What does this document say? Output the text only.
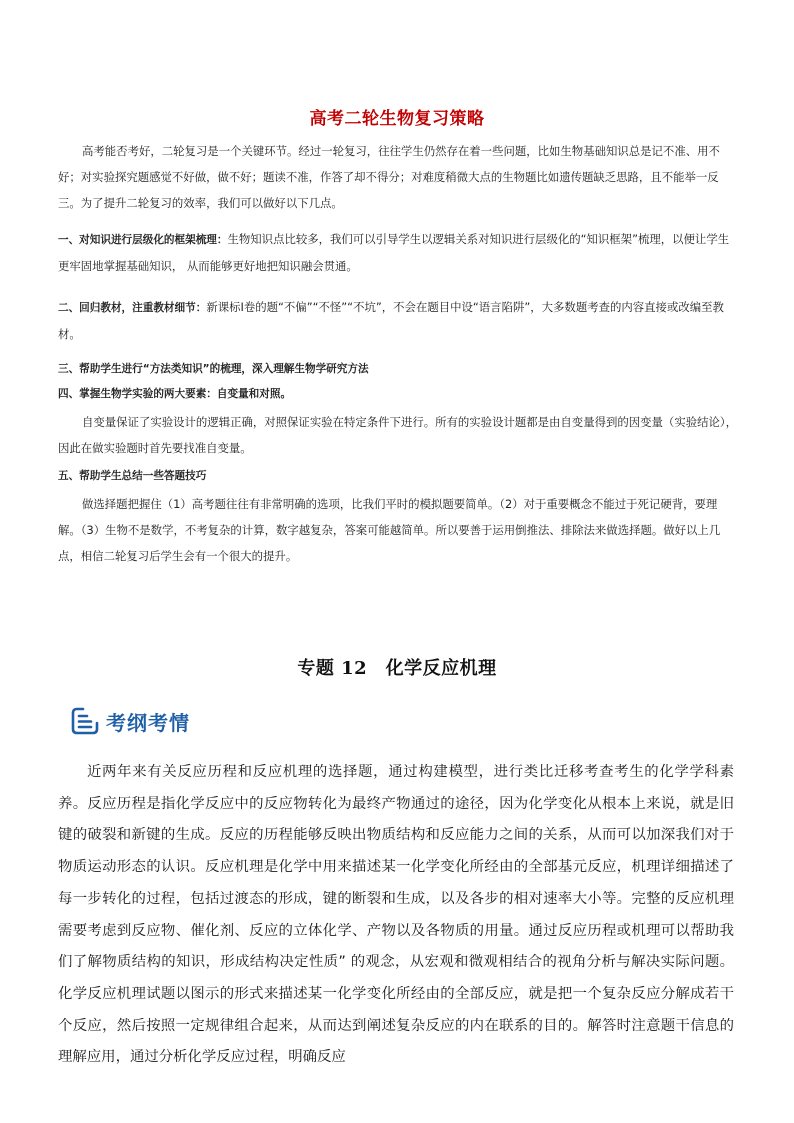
高考二轮生物复习策略
高考能否考好，二轮复习是一个关键环节。经过一轮复习，往往学生仍然存在着一些问题，比如生物基础知识总是记不准、用不好；对实验探究题感觉不好做，做不好；题读不准，作答了却不得分；对难度稍微大点的生物题比如遗传题缺乏思路，且不能举一反三。为了提升二轮复习的效率，我们可以做好以下几点。
一、对知识进行层级化的框架梳理：生物知识点比较多，我们可以引导学生以逻辑关系对知识进行层级化的“知识框架”梳理，以便让学生更牢固地掌握基础知识， 从而能够更好地把知识融会贯通。
二、回归教材，注重教材细节：新课标Ⅰ卷的题“不偏”“不怪”“不坑”，不会在题目中设“语言陷阱”，大多数题考查的内容直接或改编至教材。
三、帮助学生进行“方法类知识”的梳理，深入理解生物学研究方法
四、掌握生物学实验的两大要素：自变量和对照。
自变量保证了实验设计的逻辑正确，对照保证实验在特定条件下进行。所有的实验设计题都是由自变量得到的因变量（实验结论），因此在做实验题时首先要找准自变量。
五、帮助学生总结一些答题技巧
做选择题把握住（1）高考题往往有非常明确的选项，比我们平时的模拟题要简单。（2）对于重要概念不能过于死记硬背，要理解。（3）生物不是数学，不考复杂的计算，数字越复杂，答案可能越简单。所以要善于运用倒推法、排除法来做选择题。做好以上几点，相信二轮复习后学生会有一个很大的提升。
专题 12　化学反应机理
考纲考情
近两年来有关反应历程和反应机理的选择题，通过构建模型，进行类比迁移考查考生的化学学科素养。反应历程是指化学反应中的反应物转化为最终产物通过的途径，因为化学变化从根本上来说，就是旧键的破裂和新键的生成。反应的历程能够反映出物质结构和反应能力之间的关系，从而可以加深我们对于物质运动形态的认识。反应机理是化学中用来描述某一化学变化所经由的全部基元反应，机理详细描述了每一步转化的过程，包括过渡态的形成，键的断裂和生成，以及各步的相对速率大小等。完整的反应机理需要考虑到反应物、催化剂、反应的立体化学、产物以及各物质的用量。通过反应历程或机理可以帮助我们了解物质结构的知识，形成结构决定性质” 的观念，从宏观和微观相结合的视角分析与解决实际问题。 化学反应机理试题以图示的形式来描述某一化学变化所经由的全部反应，就是把一个复杂反应分解成若干个反应，然后按照一定规律组合起来，从而达到阐述复杂反应的内在联系的目的。解答时注意题干信息的理解应用，通过分析化学反应过程，明确反应
